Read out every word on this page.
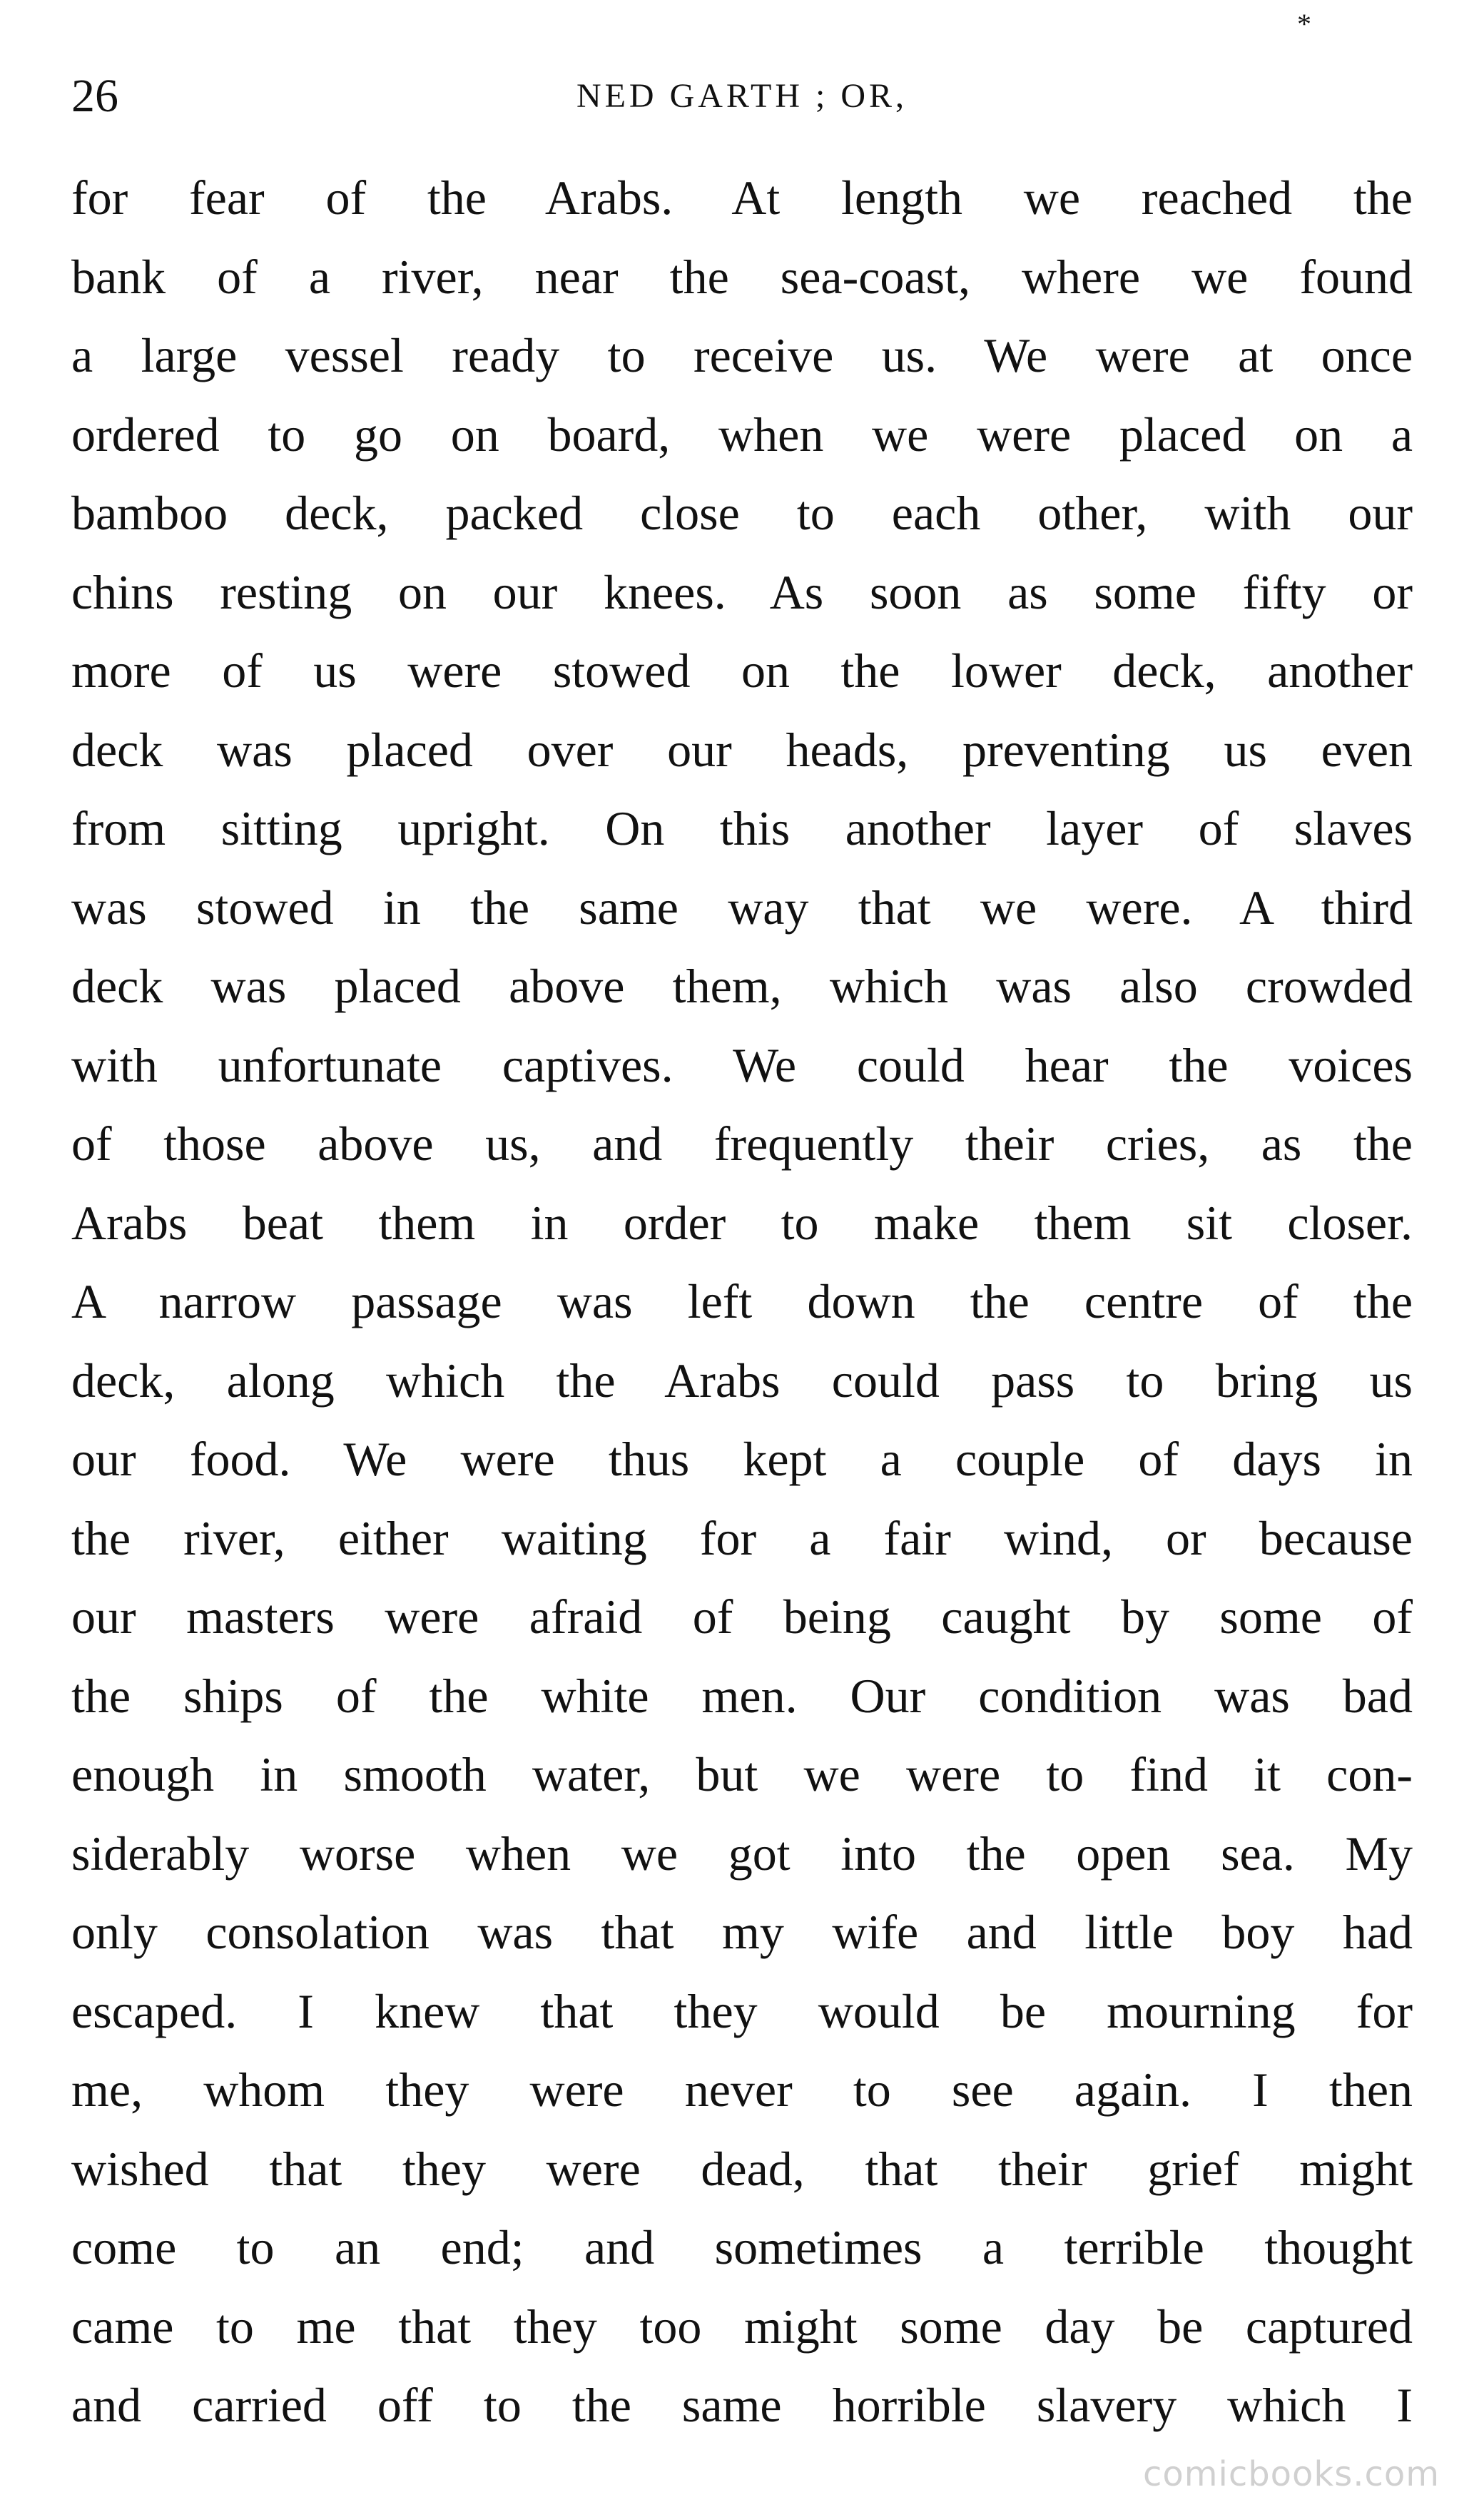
*
26	NED GARTH ; OR,
for fear of the Arabs. At length we reached the
bank of a river, near the sea-coast, where we found
a large vessel ready to receive us. We were at once
ordered to go on board, when we were placed on a
bamboo deck, packed close to each other, with our
chins resting on our knees. As soon as some fifty or
more of us were stowed on the lower deck, another
deck was placed over our heads, preventing us even
from sitting upright. On this another layer of slaves
was stowed in the same way that we were. A third
deck was placed above them, which was also crowded
with unfortunate captives. We could hear the voices
of those above us, and frequently their cries, as the
Arabs beat them in order to make them sit closer.
A narrow passage was left down the centre of the
deck, along which the Arabs could pass to bring us
our food. We were thus kept a couple of days in
the river, either waiting for a fair wind, or because
our masters were afraid of being caught by some of
the ships of the white men. Our condition was bad
enough in smooth water, but we were to find it con-
siderably worse when we got into the open sea. My
only consolation was that my wife and little boy had
escaped. I knew that they would be mourning for
me, whom they were never to see again. I then
wished that they were dead, that their grief might
come to an end; and sometimes a terrible thought
came to me that they too might some day be captured
and carried off to the same horrible slavery which I
comicbooks.com
